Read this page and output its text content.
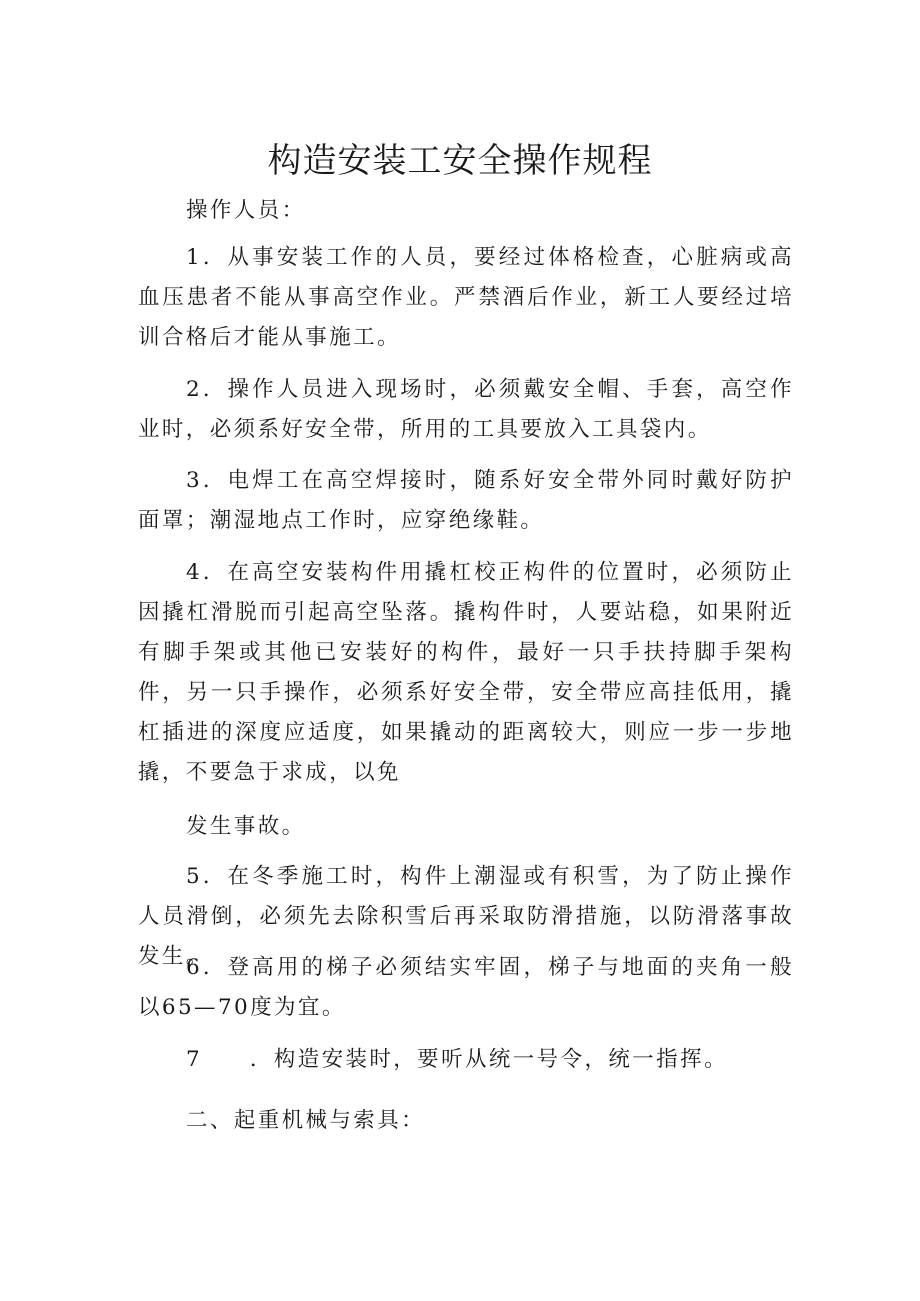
构造安装工安全操作规程

操作人员：

1．从事安装工作的人员，要经过体格检查，心脏病或高血压患者不能从事高空作业。严禁酒后作业，新工人要经过培训合格后才能从事施工。

2．操作人员进入现场时，必须戴安全帽、手套，高空作业时，必须系好安全带，所用的工具要放入工具袋内。

3．电焊工在高空焊接时，随系好安全带外同时戴好防护面罩；潮湿地点工作时，应穿绝缘鞋。

4．在高空安装构件用撬杠校正构件的位置时，必须防止因撬杠滑脱而引起高空坠落。撬构件时，人要站稳，如果附近有脚手架或其他已安装好的构件，最好一只手扶持脚手架构件，另一只手操作，必须系好安全带，安全带应高挂低用，撬杠插进的深度应适度，如果撬动的距离较大，则应一步一步地撬，不要急于求成，以免

发生事故。

5．在冬季施工时，构件上潮湿或有积雪，为了防止操作人员滑倒，必须先去除积雪后再采取防滑措施，以防滑落事故发生。

6．登高用的梯子必须结实牢固，梯子与地面的夹角一般以65—70度为宜。

7　　．构造安装时，要听从统一号令，统一指挥。

二、起重机械与索具：
